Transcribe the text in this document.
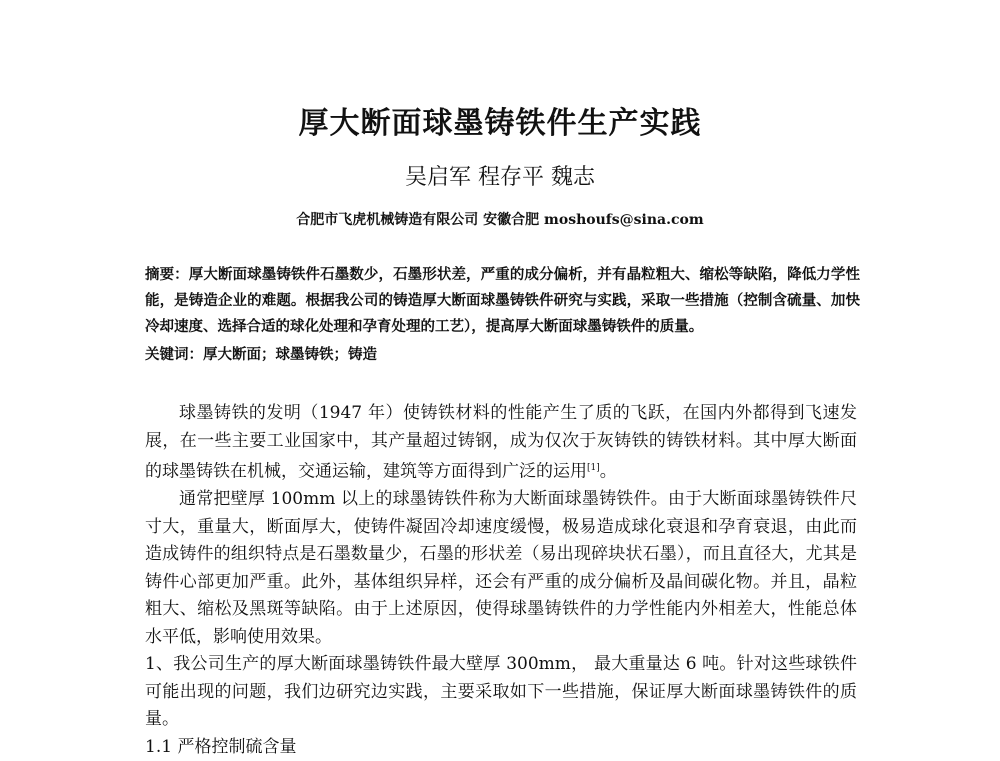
厚大断面球墨铸铁件生产实践
吴启军 程存平 魏志
合肥市飞虎机械铸造有限公司 安徽合肥 moshoufs@sina.com
摘要：厚大断面球墨铸铁件石墨数少，石墨形状差，严重的成分偏析，并有晶粒粗大、缩松等缺陷，降低力学性能，是铸造企业的难题。根据我公司的铸造厚大断面球墨铸铁件研究与实践，采取一些措施（控制含硫量、加快冷却速度、选择合适的球化处理和孕育处理的工艺），提高厚大断面球墨铸铁件的质量。
关键词：厚大断面；球墨铸铁；铸造

球墨铸铁的发明（1947 年）使铸铁材料的性能产生了质的飞跃，在国内外都得到飞速发展，在一些主要工业国家中，其产量超过铸钢，成为仅次于灰铸铁的铸铁材料。其中厚大断面的球墨铸铁在机械，交通运输，建筑等方面得到广泛的运用[1]。

通常把壁厚 100mm 以上的球墨铸铁件称为大断面球墨铸铁件。由于大断面球墨铸铁件尺寸大，重量大，断面厚大，使铸件凝固冷却速度缓慢，极易造成球化衰退和孕育衰退，由此而造成铸件的组织特点是石墨数量少，石墨的形状差（易出现碎块状石墨），而且直径大，尤其是铸件心部更加严重。此外，基体组织异样，还会有严重的成分偏析及晶间碳化物。并且，晶粒粗大、缩松及黑斑等缺陷。由于上述原因，使得球墨铸铁件的力学性能内外相差大，性能总体水平低，影响使用效果。

1、我公司生产的厚大断面球墨铸铁件最大壁厚 300mm， 最大重量达 6 吨。针对这些球铁件可能出现的问题，我们边研究边实践，主要采取如下一些措施，保证厚大断面球墨铸铁件的质量。

1.1 严格控制硫含量
